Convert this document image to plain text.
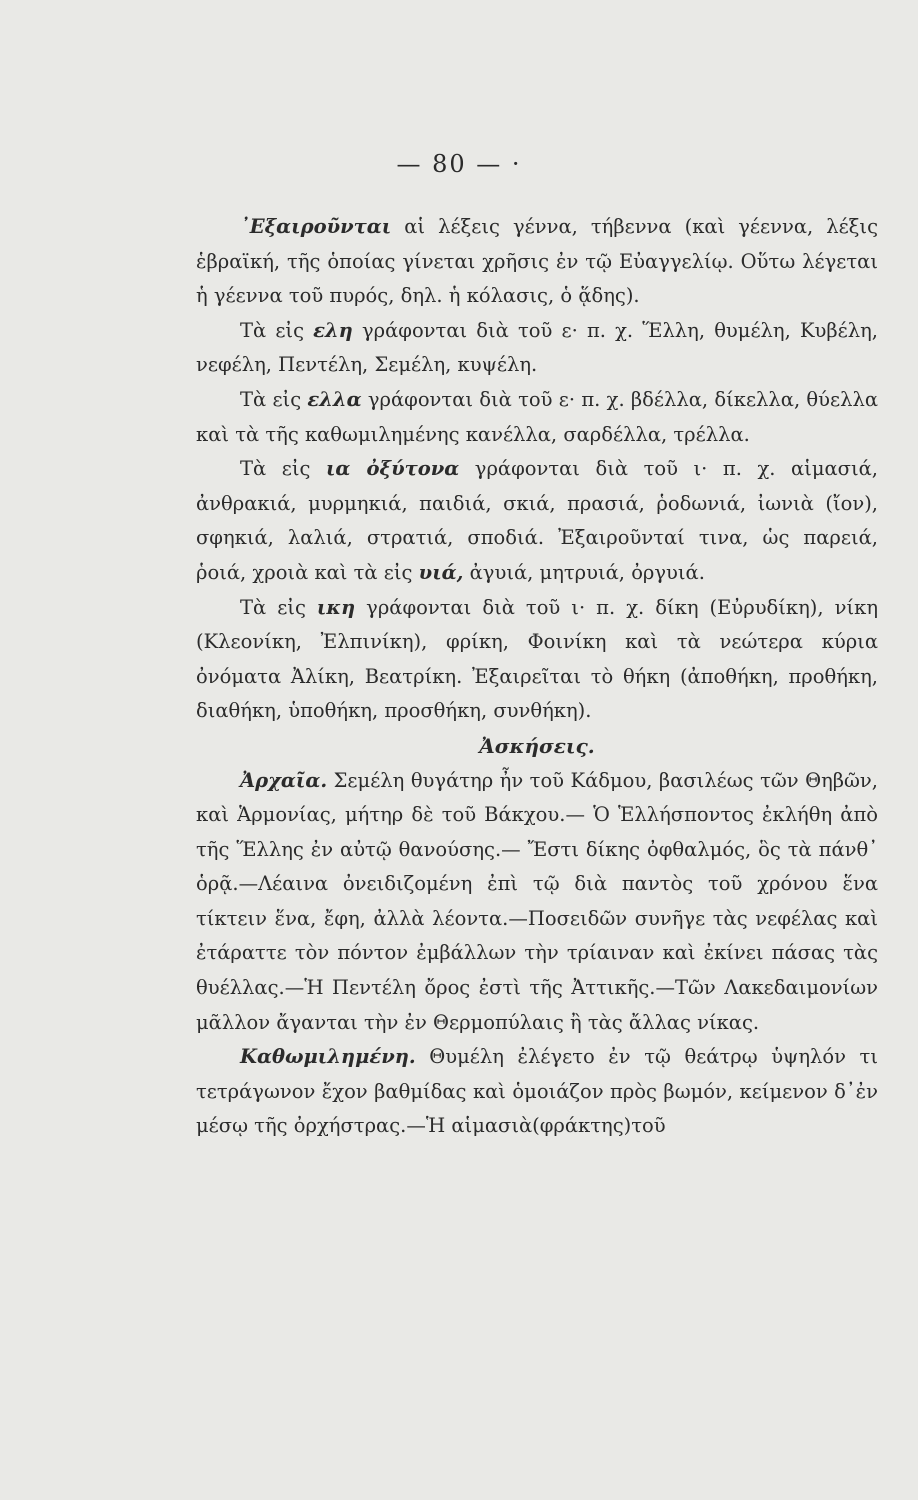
— 80 — ·

᾿Εξαιροῦνται αἱ λέξεις γέννα, τήβεννα (καὶ γέεννα, λέξις ἑβραϊκή, τῆς ὁποίας γίνεται χρῆσις ἐν τῷ Εὐαγγελίῳ. Οὕτω λέγεται ἡ γέεννα τοῦ πυρός, δηλ. ἡ κόλασις, ὁ ᾅδης).

Τὰ εἰς ελη γράφονται διὰ τοῦ ε· π. χ. Ἕλλη, θυμέλη, Κυβέλη, νεφέλη, Πεντέλη, Σεμέλη, κυψέλη.

Τὰ εἰς ελλα γράφονται διὰ τοῦ ε· π. χ. βδέλλα, δίκελλα, θύελλα καὶ τὰ τῆς καθωμιλημένης κανέλλα, σαρδέλλα, τρέλλα.

Τὰ εἰς ια ὀξύτονα γράφονται διὰ τοῦ ι· π. χ. αἱμασιά, ἀνθρακιά, μυρμηκιά, παιδιά, σκιά, πρασιά, ῥοδωνιά, ἰωνιὰ (ἴον), σφηκιά, λαλιά, στρατιά, σποδιά. Ἐξαιροῦνταί τινα, ὡς παρειά, ῥοιά, χροιὰ καὶ τὰ εἰς υιά, ἀγυιά, μητρυιά, ὀργυιά.

Τὰ εἰς ικη γράφονται διὰ τοῦ ι· π. χ. δίκη (Εὐρυδίκη), νίκη (Κλεονίκη, Ἐλπινίκη), φρίκη, Φοινίκη καὶ τὰ νεώτερα κύρια ὀνόματα Ἀλίκη, Βεατρίκη. Ἐξαιρεῖται τὸ θήκη (ἀποθήκη, προθήκη, διαθήκη, ὑποθήκη, προσθήκη, συνθήκη).

Ἀσκήσεις.

Ἀρχαῖα. Σεμέλη θυγάτηρ ἦν τοῦ Κάδμου, βασιλέως τῶν Θηβῶν, καὶ Ἁρμονίας, μήτηρ δὲ τοῦ Βάκχου.— Ὁ Ἑλλήσποντος ἐκλήθη ἀπὸ τῆς Ἕλλης ἐν αὐτῷ θανούσης.— Ἔστι δίκης ὀφθαλμός, ὃς τὰ πάνθ᾿ ὁρᾷ.—Λέαινα ὀνειδιζομένη ἐπὶ τῷ διὰ παντὸς τοῦ χρόνου ἕνα τίκτειν ἕνα, ἔφη, ἀλλὰ λέοντα.—Ποσειδῶν συνῆγε τὰς νεφέλας καὶ ἐτάραττε τὸν πόντον ἐμβάλλων τὴν τρίαιναν καὶ ἐκίνει πάσας τὰς θυέλλας.—Ἡ Πεντέλη ὄρος ἐστὶ τῆς Ἀττικῆς.—Τῶν Λακεδαιμονίων μᾶλλον ἄγανται τὴν ἐν Θερμοπύλαις ἢ τὰς ἄλλας νίκας.

Καθωμιλημένη. Θυμέλη ἐλέγετο ἐν τῷ θεάτρῳ ὑψηλόν τι τετράγωνον ἔχον βαθμίδας καὶ ὁμοιάζον πρὸς βωμόν, κείμενον δ᾿ἐν μέσῳ τῆς ὀρχήστρας.—Ἡ αἱμασιὰ(φράκτης)τοῦ
